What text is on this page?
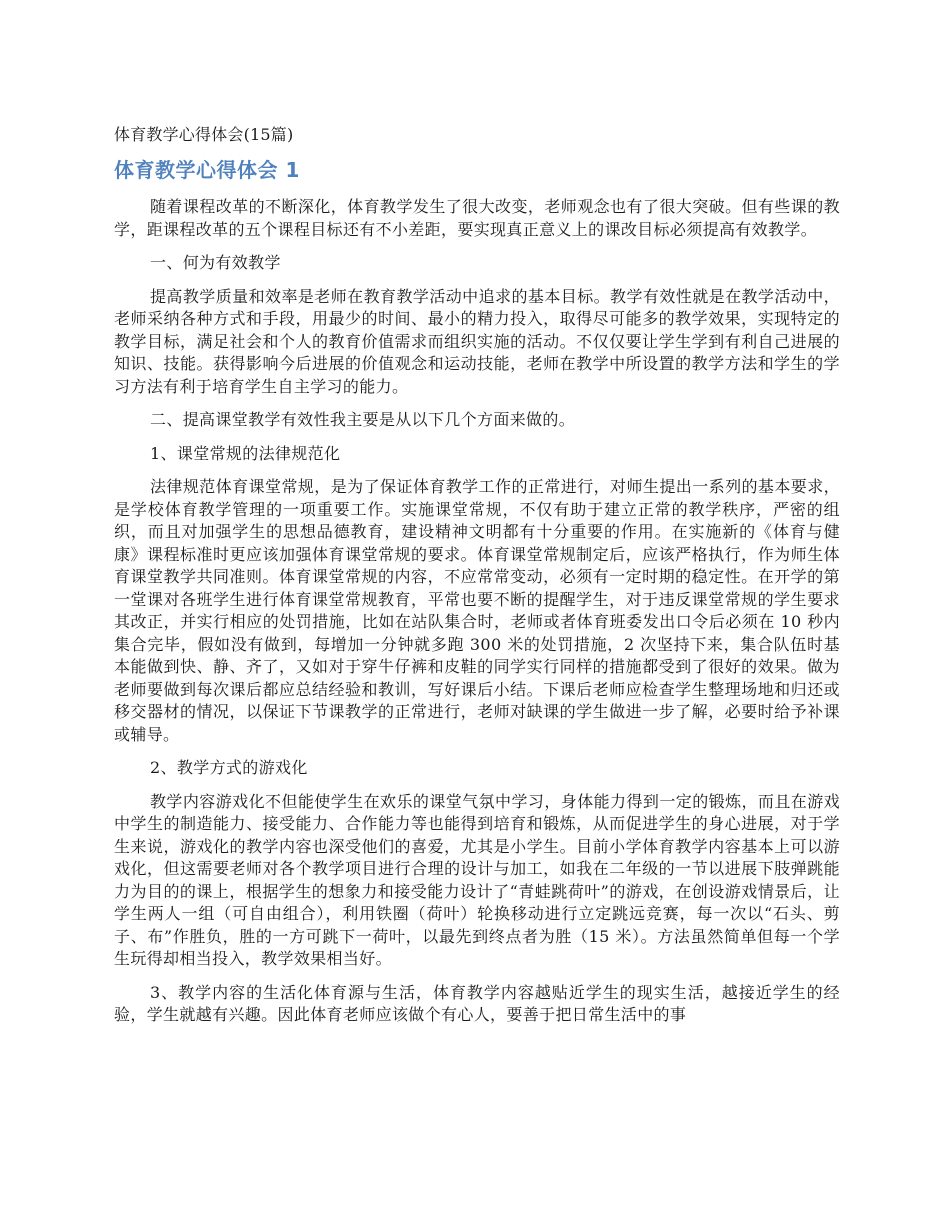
体育教学心得体会(15篇)

体育教学心得体会 1

随着课程改革的不断深化，体育教学发生了很大改变，老师观念也有了很大突破。但有些课的教学，距课程改革的五个课程目标还有不小差距，要实现真正意义上的课改目标必须提高有效教学。

一、何为有效教学

提高教学质量和效率是老师在教育教学活动中追求的基本目标。教学有效性就是在教学活动中，老师采纳各种方式和手段，用最少的时间、最小的精力投入，取得尽可能多的教学效果，实现特定的教学目标，满足社会和个人的教育价值需求而组织实施的活动。不仅仅要让学生学到有利自己进展的知识、技能。获得影响今后进展的价值观念和运动技能，老师在教学中所设置的教学方法和学生的学习方法有利于培育学生自主学习的能力。

二、提高课堂教学有效性我主要是从以下几个方面来做的。

1、课堂常规的法律规范化

法律规范体育课堂常规，是为了保证体育教学工作的正常进行，对师生提出一系列的基本要求，是学校体育教学管理的一项重要工作。实施课堂常规，不仅有助于建立正常的教学秩序，严密的组织，而且对加强学生的思想品德教育，建设精神文明都有十分重要的作用。在实施新的《体育与健康》课程标准时更应该加强体育课堂常规的要求。体育课堂常规制定后，应该严格执行，作为师生体育课堂教学共同准则。体育课堂常规的内容，不应常常变动，必须有一定时期的稳定性。在开学的第一堂课对各班学生进行体育课堂常规教育，平常也要不断的提醒学生，对于违反课堂常规的学生要求其改正，并实行相应的处罚措施，比如在站队集合时，老师或者体育班委发出口令后必须在 10 秒内集合完毕，假如没有做到，每增加一分钟就多跑 300 米的处罚措施，2 次坚持下来，集合队伍时基本能做到快、静、齐了，又如对于穿牛仔裤和皮鞋的同学实行同样的措施都受到了很好的效果。做为老师要做到每次课后都应总结经验和教训，写好课后小结。下课后老师应检查学生整理场地和归还或移交器材的情况，以保证下节课教学的正常进行，老师对缺课的学生做进一步了解，必要时给予补课或辅导。

2、教学方式的游戏化

教学内容游戏化不但能使学生在欢乐的课堂气氛中学习，身体能力得到一定的锻炼，而且在游戏中学生的制造能力、接受能力、合作能力等也能得到培育和锻炼，从而促进学生的身心进展，对于学生来说，游戏化的教学内容也深受他们的喜爱，尤其是小学生。目前小学体育教学内容基本上可以游戏化，但这需要老师对各个教学项目进行合理的设计与加工，如我在二年级的一节以进展下肢弹跳能力为目的的课上，根据学生的想象力和接受能力设计了“青蛙跳荷叶”的游戏，在创设游戏情景后，让学生两人一组（可自由组合），利用铁圈（荷叶）轮换移动进行立定跳远竞赛，每一次以“石头、剪子、布”作胜负，胜的一方可跳下一荷叶，以最先到终点者为胜（15 米）。方法虽然简单但每一个学生玩得却相当投入，教学效果相当好。

3、教学内容的生活化体育源与生活，体育教学内容越贴近学生的现实生活，越接近学生的经验，学生就越有兴趣。因此体育老师应该做个有心人，要善于把日常生活中的事
